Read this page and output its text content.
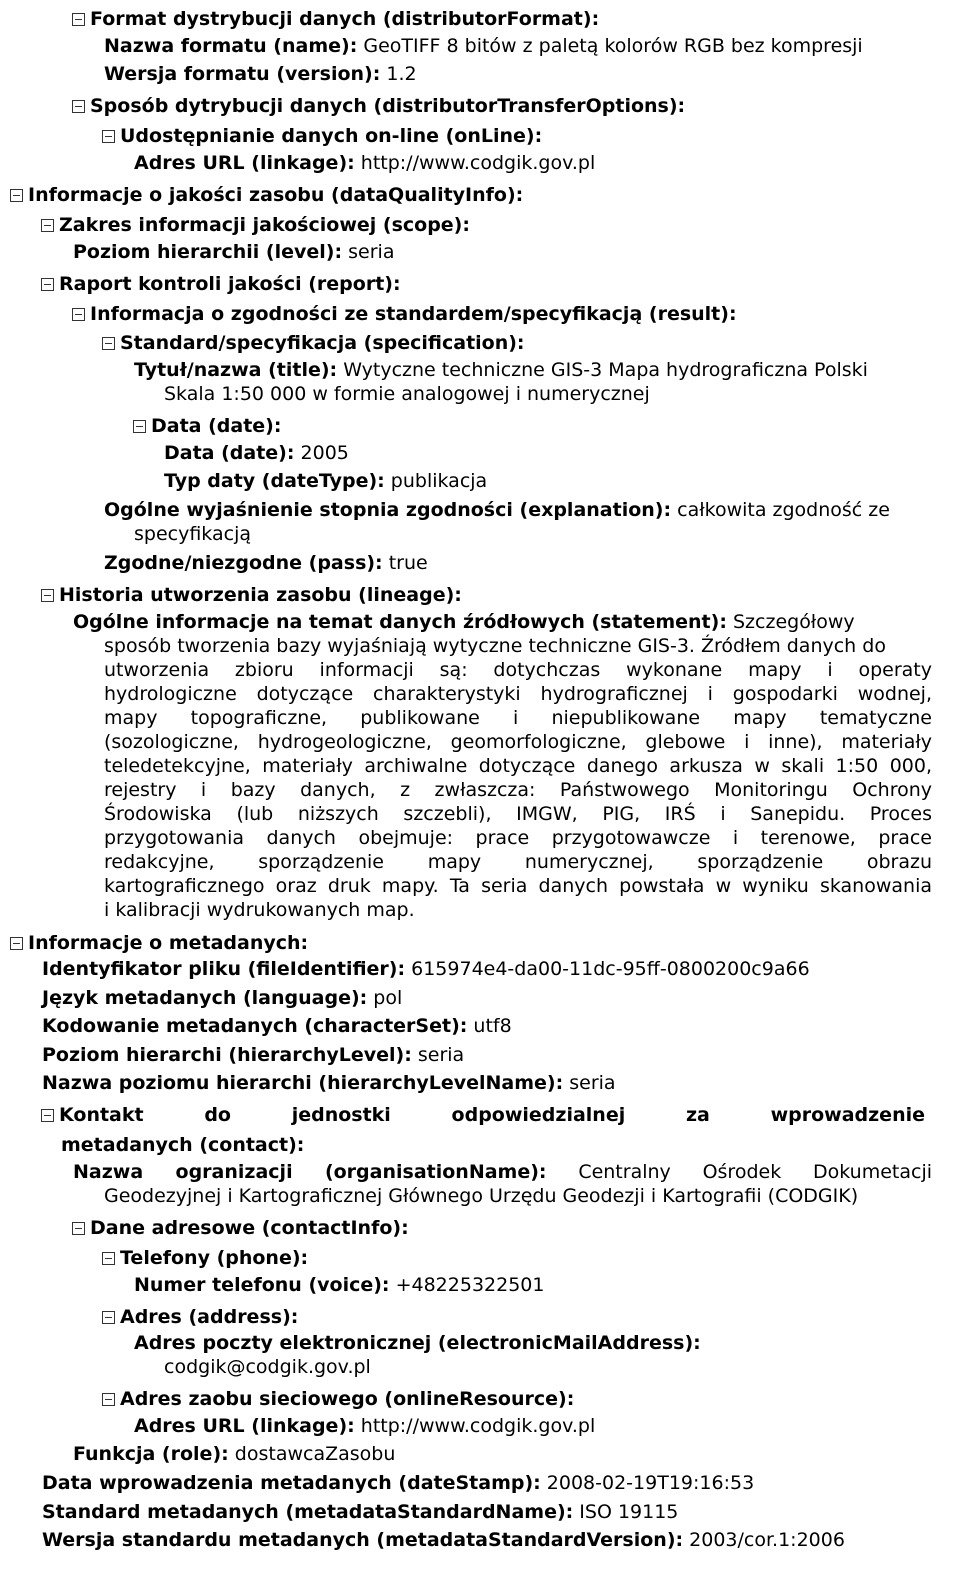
Format dystrybucji danych (distributorFormat):
Nazwa formatu (name): GeoTIFF 8 bitów z paletą kolorów RGB bez kompresji
Wersja formatu (version): 1.2
Sposób dytrybucji danych (distributorTransferOptions):
Udostępnianie danych on-line (onLine):
Adres URL (linkage): http://www.codgik.gov.pl
Informacje o jakości zasobu (dataQualityInfo):
Zakres informacji jakościowej (scope):
Poziom hierarchii (level): seria
Raport kontroli jakości (report):
Informacja o zgodności ze standardem/specyfikacją (result):
Standard/specyfikacja (specification):
Tytuł/nazwa (title): Wytyczne techniczne GIS-3 Mapa hydrograficzna Polski
Skala 1:50 000 w formie analogowej i numerycznej
Data (date):
Data (date): 2005
Typ daty (dateType): publikacja
Ogólne wyjaśnienie stopnia zgodności (explanation): całkowita zgodność ze
specyfikacją
Zgodne/niezgodne (pass): true
Historia utworzenia zasobu (lineage):
Ogólne informacje na temat danych źródłowych (statement): Szczegółowy
sposób tworzenia bazy wyjaśniają wytyczne techniczne GIS-3. Źródłem danych do
utworzenia zbioru informacji są: dotychczas wykonane mapy i operaty
hydrologiczne dotyczące charakterystyki hydrograficznej i gospodarki wodnej,
mapy topograficzne, publikowane i niepublikowane mapy tematyczne
(sozologiczne, hydrogeologiczne, geomorfologiczne, glebowe i inne), materiały
teledetekcyjne, materiały archiwalne dotyczące danego arkusza w skali 1:50 000,
rejestry i bazy danych, z zwłaszcza: Państwowego Monitoringu Ochrony
Środowiska (lub niższych szczebli), IMGW, PIG, IRŚ i Sanepidu. Proces
przygotowania danych obejmuje: prace przygotowawcze i terenowe, prace
redakcyjne, sporządzenie mapy numerycznej, sporządzenie obrazu
kartograficznego oraz druk mapy. Ta seria danych powstała w wyniku skanowania
i kalibracji wydrukowanych map.
Informacje o metadanych:
Identyfikator pliku (fileIdentifier): 615974e4-da00-11dc-95ff-0800200c9a66
Język metadanych (language): pol
Kodowanie metadanych (characterSet): utf8
Poziom hierarchi (hierarchyLevel): seria
Nazwa poziomu hierarchi (hierarchyLevelName): seria
Kontakt do jednostki odpowiedzialnej za wprowadzenie
metadanych (contact):
Nazwa ogranizacji (organisationName): Centralny Ośrodek Dokumetacji
Geodezyjnej i Kartograficznej Głównego Urzędu Geodezji i Kartografii (CODGIK)
Dane adresowe (contactInfo):
Telefony (phone):
Numer telefonu (voice): +48225322501
Adres (address):
Adres poczty elektronicznej (electronicMailAddress):
codgik@codgik.gov.pl
Adres zaobu sieciowego (onlineResource):
Adres URL (linkage): http://www.codgik.gov.pl
Funkcja (role): dostawcaZasobu
Data wprowadzenia metadanych (dateStamp): 2008-02-19T19:16:53
Standard metadanych (metadataStandardName): ISO 19115
Wersja standardu metadanych (metadataStandardVersion): 2003/cor.1:2006
